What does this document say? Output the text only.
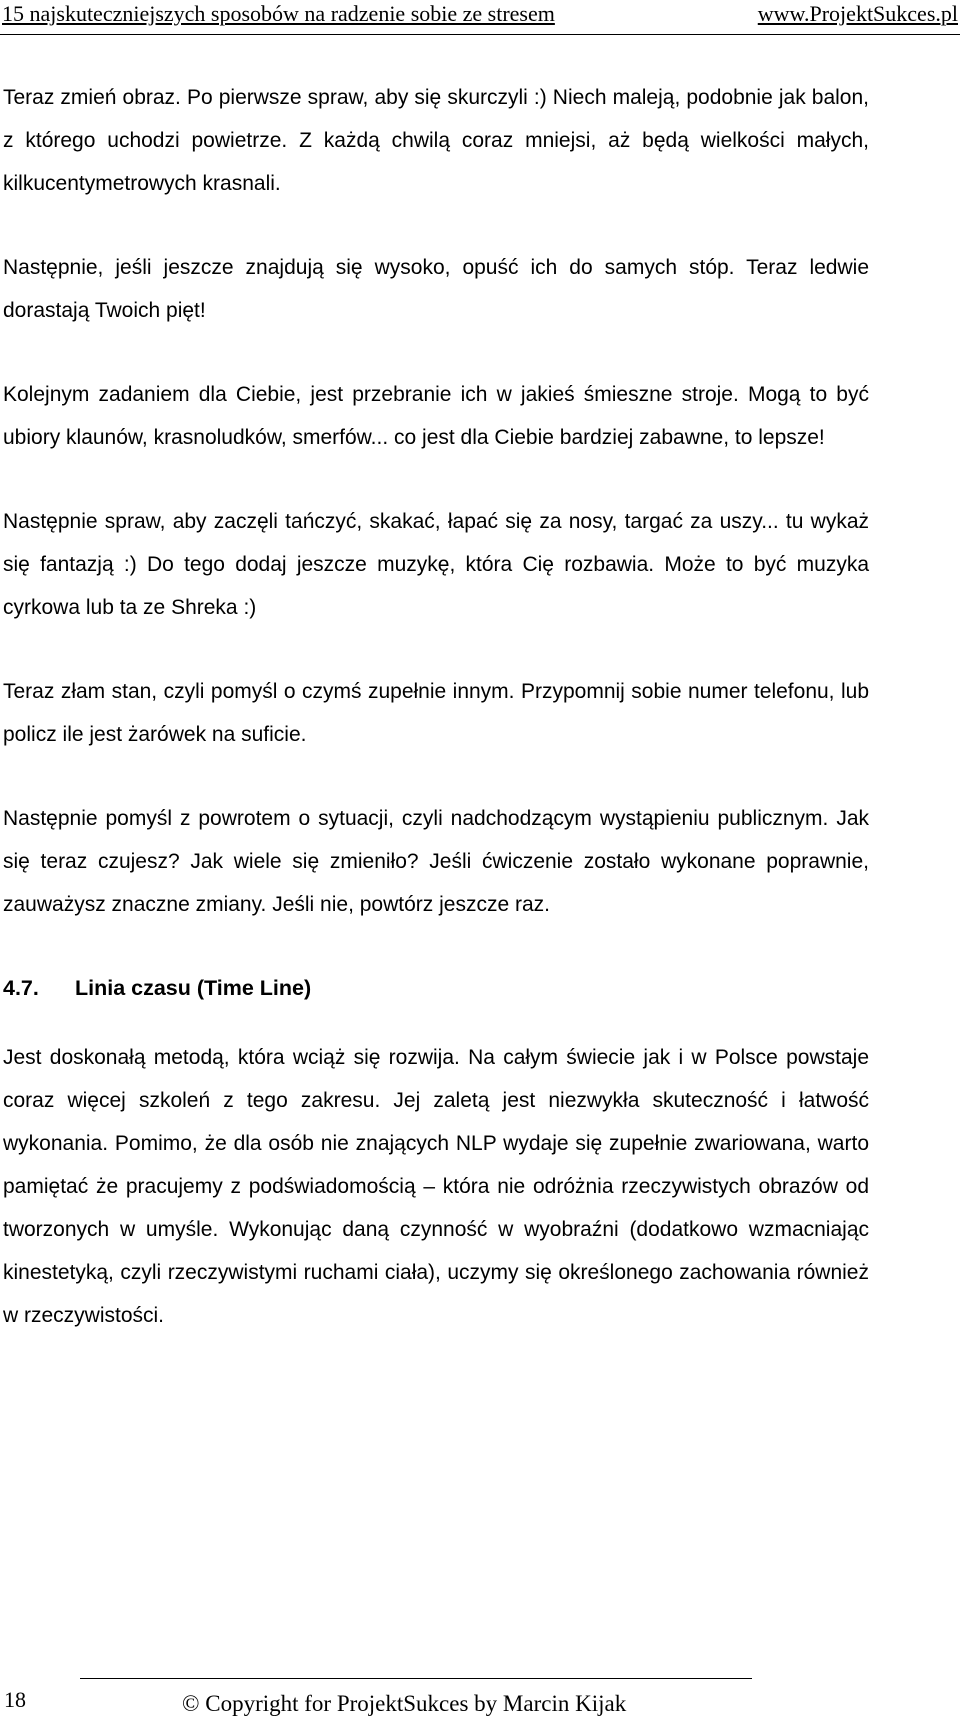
15 najskuteczniejszych sposobów na radzenie sobie ze stresem	www.ProjektSukces.pl

Teraz zmień obraz. Po pierwsze spraw, aby się skurczyli :) Niech maleją, podobnie jak balon, z którego uchodzi powietrze. Z każdą chwilą coraz mniejsi, aż będą wielkości małych, kilkucentymetrowych krasnali.

Następnie, jeśli jeszcze znajdują się wysoko, opuść ich do samych stóp. Teraz ledwie dorastają Twoich pięt!

Kolejnym zadaniem dla Ciebie, jest przebranie ich w jakieś śmieszne stroje. Mogą to być ubiory klaunów, krasnoludków, smerfów... co jest dla Ciebie bardziej zabawne, to lepsze!

Następnie spraw, aby zaczęli tańczyć, skakać, łapać się za nosy, targać za uszy... tu wykaż się fantazją :) Do tego dodaj jeszcze muzykę, która Cię rozbawia. Może to być muzyka cyrkowa lub ta ze Shreka :)

Teraz złam stan, czyli pomyśl o czymś zupełnie innym. Przypomnij sobie numer telefonu, lub policz ile jest żarówek na suficie.

Następnie pomyśl z powrotem o sytuacji, czyli nadchodzącym wystąpieniu publicznym. Jak się teraz czujesz? Jak wiele się zmieniło? Jeśli ćwiczenie zostało wykonane poprawnie, zauważysz znaczne zmiany. Jeśli nie, powtórz jeszcze raz.

4.7. Linia czasu (Time Line)

Jest doskonałą metodą, która wciąż się rozwija. Na całym świecie jak i w Polsce powstaje coraz więcej szkoleń z tego zakresu. Jej zaletą jest niezwykła skuteczność i łatwość wykonania. Pomimo, że dla osób nie znających NLP wydaje się zupełnie zwariowana, warto pamiętać że pracujemy z podświadomością – która nie odróżnia rzeczywistych obrazów od tworzonych w umyśle. Wykonując daną czynność w wyobraźni (dodatkowo wzmacniając kinestetyką, czyli rzeczywistymi ruchami ciała), uczymy się określonego zachowania również w rzeczywistości.

18	© Copyright for ProjektSukces by Marcin Kijak
